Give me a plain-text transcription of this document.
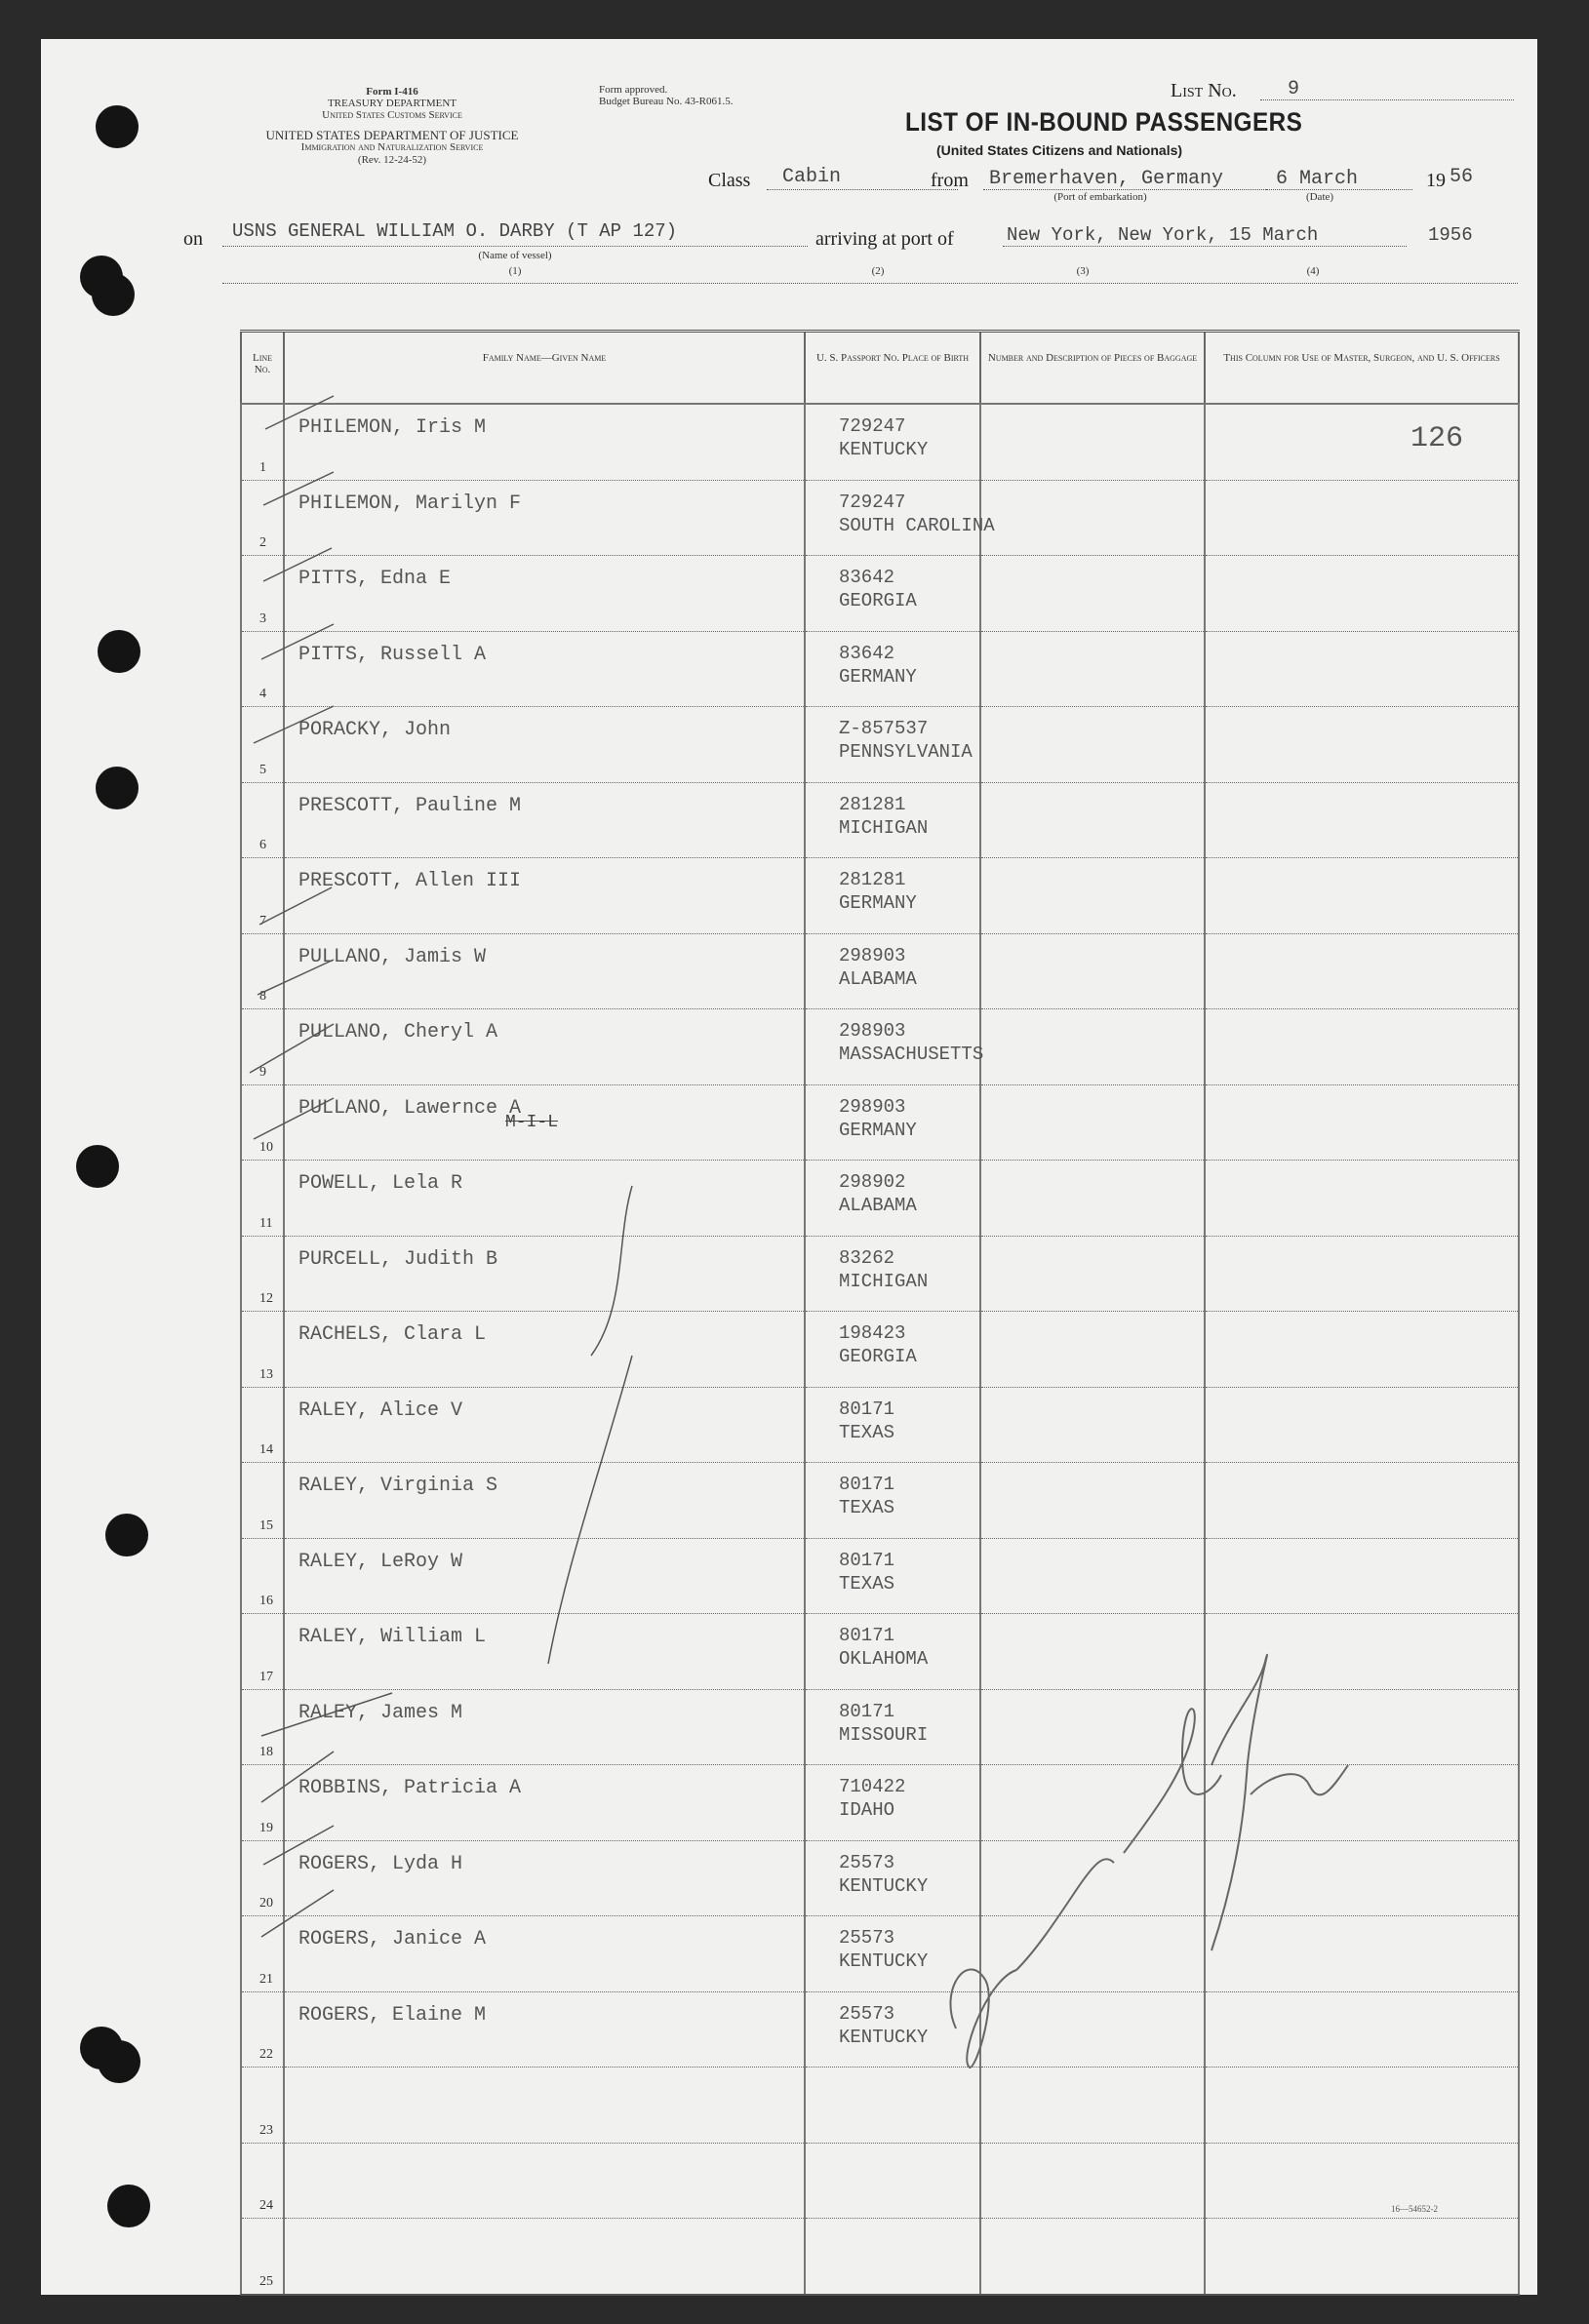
Form I-416
TREASURY DEPARTMENT
United States Customs Service
UNITED STATES DEPARTMENT OF JUSTICE
Immigration and Naturalization Service
(Rev. 12-24-52)
Form approved.
Budget Bureau No. 43-R061.5.	List No.	9
LIST OF IN-BOUND PASSENGERS
(United States Citizens and Nationals)
Class Cabin	from Bremerhaven, Germany
(Port of embarkation)
6 March
(Date)
19 56
on USNS GENERAL WILLIAM O. DARBY (T AP 127)
(Name of vessel)
(1)
arriving at port of
(2)
New York, New York, 15 March	1956
(3)	(4)
Line No.	Family Name—Given Name	U. S. Passport No. Place of Birth	Number and Description of Pieces of Baggage	This Column for Use of Master, Surgeon, and U. S. Officers

1	PHILEMON, Iris M	729247
KENTUCKY		126

2	PHILEMON, Marilyn F	729247
SOUTH CAROLINA		

3	PITTS, Edna E	83642
GEORGIA		

4	PITTS, Russell A	83642
GERMANY		

5	PORACKY, John	Z-857537
PENNSYLVANIA		

6	PRESCOTT, Pauline M	281281
MICHIGAN		

7	PRESCOTT, Allen III	281281
GERMANY		

8	PULLANO, Jamis W	298903
ALABAMA		

9	PULLANO, Cheryl A	298903
MASSACHUSETTS		

10	PULLANO, Lawernce A	298903
GERMANY		

11	POWELL, Lela R	298902
ALABAMA		

12	PURCELL, Judith B	83262
MICHIGAN		

13	RACHELS, Clara L	198423
GEORGIA		

14	RALEY, Alice V	80171
TEXAS		

15	RALEY, Virginia S	80171
TEXAS		

16	RALEY, LeRoy W	80171
TEXAS		

17	RALEY, William L	80171
OKLAHOMA		

18	RALEY, James M	80171
MISSOURI		

19	ROBBINS, Patricia A	710422
IDAHO		

20	ROGERS, Lyda H	25573
KENTUCKY		

21	ROGERS, Janice A	25573
KENTUCKY		

22	ROGERS, Elaine M	25573
KENTUCKY		

23				

24				

25				

M-I-L
16—54652-2
